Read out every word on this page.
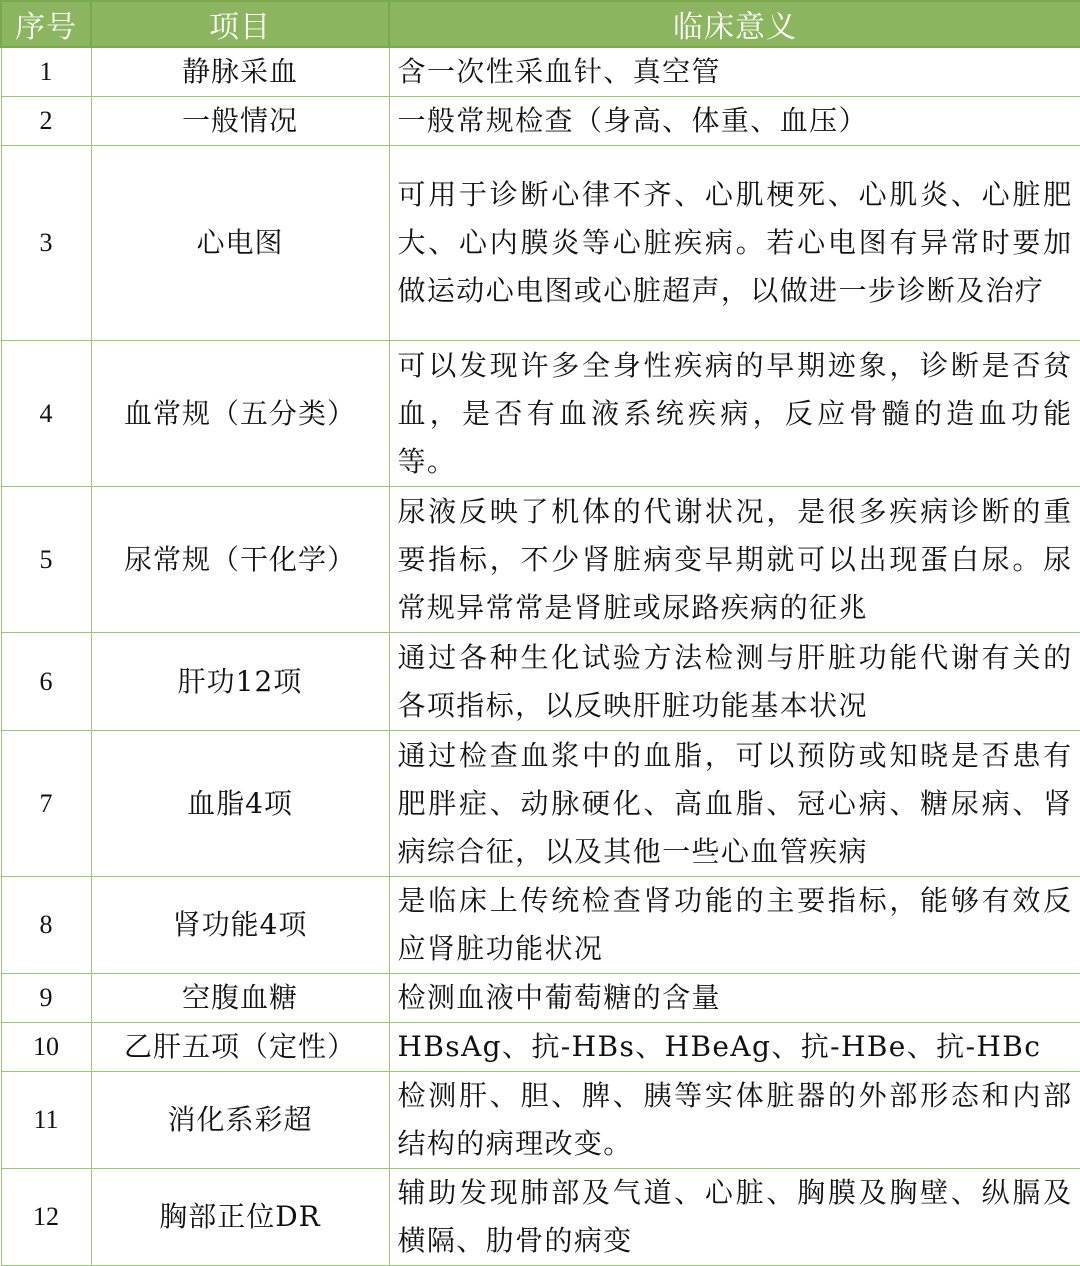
序号	项目	临床意义
1	静脉采血	含一次性采血针、真空管
2	一般情况	一般常规检查（身高、体重、血压）
3	心电图	可用于诊断心律不齐、心肌梗死、心肌炎、心脏肥大、心内膜炎等心脏疾病。若心电图有异常时要加做运动心电图或心脏超声，以做进一步诊断及治疗
4	血常规（五分类）	可以发现许多全身性疾病的早期迹象，诊断是否贫血，是否有血液系统疾病，反应骨髓的造血功能等。
5	尿常规（干化学）	尿液反映了机体的代谢状况，是很多疾病诊断的重要指标，不少肾脏病变早期就可以出现蛋白尿。尿常规异常常是肾脏或尿路疾病的征兆
6	肝功12项	通过各种生化试验方法检测与肝脏功能代谢有关的各项指标，以反映肝脏功能基本状况
7	血脂4项	通过检查血浆中的血脂，可以预防或知晓是否患有肥胖症、动脉硬化、高血脂、冠心病、糖尿病、肾病综合征，以及其他一些心血管疾病
8	肾功能4项	是临床上传统检查肾功能的主要指标，能够有效反应肾脏功能状况
9	空腹血糖	检测血液中葡萄糖的含量
10	乙肝五项（定性）	HBsAg、抗-HBs、HBeAg、抗-HBe、抗-HBc
11	消化系彩超	检测肝、胆、脾、胰等实体脏器的外部形态和内部结构的病理改变。
12	胸部正位DR	辅助发现肺部及气道、心脏、胸膜及胸壁、纵膈及横隔、肋骨的病变
